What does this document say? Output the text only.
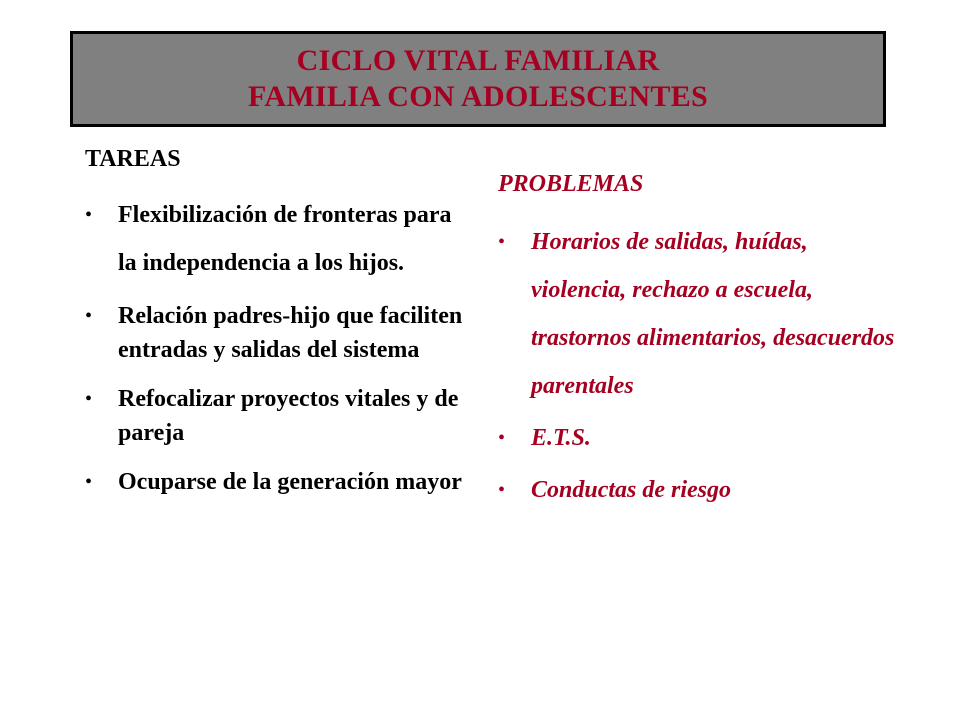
CICLO VITAL FAMILIAR
FAMILIA CON ADOLESCENTES
TAREAS
• Flexibilización de fronteras para la independencia a los hijos.
• Relación padres-hijo que faciliten entradas y salidas del sistema
• Refocalizar proyectos vitales y de pareja
• Ocuparse de la generación mayor
PROBLEMAS
• Horarios de salidas, huídas, violencia, rechazo a escuela, trastornos alimentarios, desacuerdos parentales
• E.T.S.
• Conductas de riesgo
